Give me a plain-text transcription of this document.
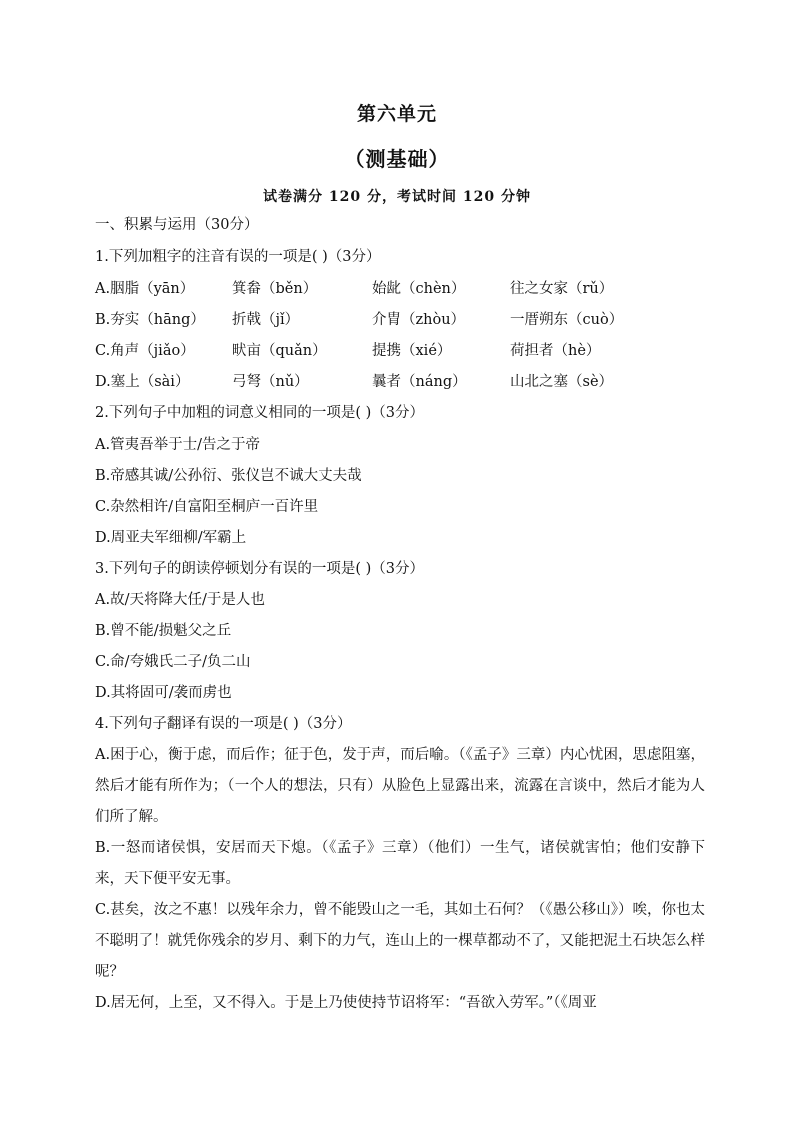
第六单元
（测基础）
试卷满分 120 分，考试时间 120 分钟
一、积累与运用（30分）
1.下列加粗字的注音有误的一项是( )（3分）
A.胭脂（yān）	箕畚（běn）	始龀（chèn）	往之女家（rǔ）
B.夯实（hāng） 折戟（jǐ）	介胄（zhòu）	一厝朔东（cuò）
C.角声（jiǎo）	畎亩（quǎn）	提携（xié）	荷担者（hè）
D.塞上（sài）	弓弩（nǔ）	曩者（náng）	山北之塞（sè）
2.下列句子中加粗的词意义相同的一项是( )（3分）
A.管夷吾举于士/告之于帝
B.帝感其诚/公孙衍、张仪岂不诚大丈夫哉
C.杂然相许/自富阳至桐庐一百许里
D.周亚夫军细柳/军霸上
3.下列句子的朗读停顿划分有误的一项是( )（3分）
A.故/天将降大任/于是人也
B.曾不能/损魁父之丘
C.命/夸娥氏二子/负二山
D.其将固可/袭而虏也
4.下列句子翻译有误的一项是( )（3分）
A.困于心，衡于虑，而后作；征于色，发于声，而后喻。（《孟子》三章）内心忧困，思虑阻塞，然后才能有所作为；（一个人的想法，只有）从脸色上显露出来，流露在言谈中，然后才能为人们所了解。
B.一怒而诸侯惧，安居而天下熄。（《孟子》三章）（他们）一生气，诸侯就害怕；他们安静下来，天下便平安无事。
C.甚矣，汝之不惠！以残年余力，曾不能毁山之一毛，其如土石何？（《愚公移山》）唉，你也太不聪明了！就凭你残余的岁月、剩下的力气，连山上的一棵草都动不了，又能把泥土石块怎么样呢？
D.居无何，上至，又不得入。于是上乃使使持节诏将军：“吾欲入劳军。”（《周亚
